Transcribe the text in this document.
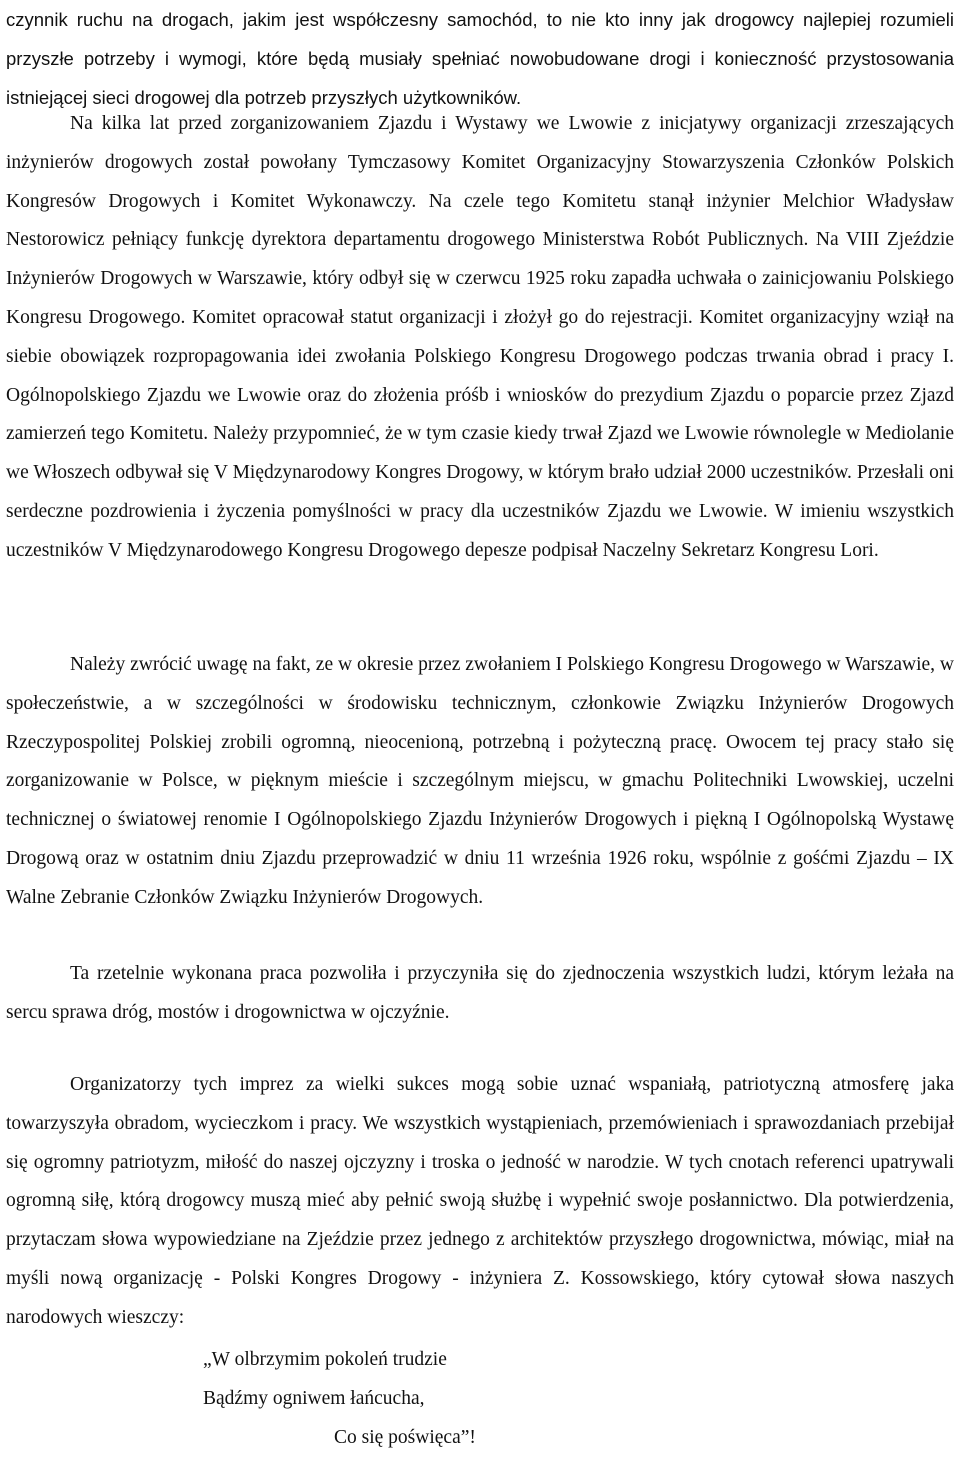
czynnik ruchu na drogach, jakim jest współczesny samochód, to nie kto inny jak drogowcy najlepiej rozumieli przyszłe potrzeby i wymogi, które będą musiały spełniać nowobudowane drogi i konieczność przystosowania istniejącej sieci drogowej dla potrzeb przyszłych użytkowników.

Na kilka lat przed zorganizowaniem Zjazdu i Wystawy we Lwowie z inicjatywy organizacji zrzeszających inżynierów drogowych został powołany Tymczasowy Komitet Organizacyjny Stowarzyszenia Członków Polskich Kongresów Drogowych i Komitet Wykonawczy. Na czele tego Komitetu stanął inżynier Melchior Władysław Nestorowicz pełniący funkcję dyrektora departamentu drogowego Ministerstwa Robót Publicznych. Na VIII Zjeździe Inżynierów Drogowych w Warszawie, który odbył się w czerwcu 1925 roku zapadła uchwała o zainicjowaniu Polskiego Kongresu Drogowego. Komitet opracował statut organizacji i złożył go do rejestracji. Komitet organizacyjny wziął na siebie obowiązek rozpropagowania idei zwołania Polskiego Kongresu Drogowego podczas trwania obrad i pracy I. Ogólnopolskiego Zjazdu we Lwowie oraz do złożenia próśb i wniosków do prezydium Zjazdu o poparcie przez Zjazd zamierzeń tego Komitetu. Należy przypomnieć, że w tym czasie kiedy trwał Zjazd we Lwowie równolegle w Mediolanie we Włoszech odbywał się V Międzynarodowy Kongres Drogowy, w którym brało udział 2000 uczestników. Przesłali oni serdeczne pozdrowienia i życzenia pomyślności w pracy dla uczestników Zjazdu we Lwowie. W imieniu wszystkich uczestników V Międzynarodowego Kongresu Drogowego depesze podpisał Naczelny Sekretarz Kongresu Lori.

Należy zwrócić uwagę na fakt, ze w okresie przez zwołaniem I Polskiego Kongresu Drogowego w Warszawie, w społeczeństwie, a w szczególności w środowisku technicznym, członkowie Związku Inżynierów Drogowych Rzeczypospolitej Polskiej zrobili ogromną, nieocenioną, potrzebną i pożyteczną pracę. Owocem tej pracy stało się zorganizowanie w Polsce, w pięknym mieście i szczególnym miejscu, w gmachu Politechniki Lwowskiej, uczelni technicznej o światowej renomie I Ogólnopolskiego Zjazdu Inżynierów Drogowych i piękną I Ogólnopolską Wystawę Drogową oraz w ostatnim dniu Zjazdu przeprowadzić w dniu 11 września 1926 roku, wspólnie z gośćmi Zjazdu – IX Walne Zebranie Członków Związku Inżynierów Drogowych.

Ta rzetelnie wykonana praca pozwoliła i przyczyniła się do zjednoczenia wszystkich ludzi, którym leżała na sercu sprawa dróg, mostów i drogownictwa w ojczyźnie.

Organizatorzy tych imprez za wielki sukces mogą sobie uznać wspaniałą, patriotyczną atmosferę jaka towarzyszyła obradom, wycieczkom i pracy. We wszystkich wystąpieniach, przemówieniach i sprawozdaniach przebijał się ogromny patriotyzm, miłość do naszej ojczyzny i troska o jedność w narodzie. W tych cnotach referenci upatrywali ogromną siłę, którą drogowcy muszą mieć aby pełnić swoją służbę i wypełnić swoje posłannictwo. Dla potwierdzenia, przytaczam słowa wypowiedziane na Zjeździe przez jednego z architektów przyszłego drogownictwa, mówiąc, miał na myśli nową organizację - Polski Kongres Drogowy - inżyniera Z. Kossowskiego, który cytował słowa naszych narodowych wieszczy:

„W olbrzymim pokoleń trudzie
Bądźmy ogniwem łańcucha,
Co się poświęca”!
